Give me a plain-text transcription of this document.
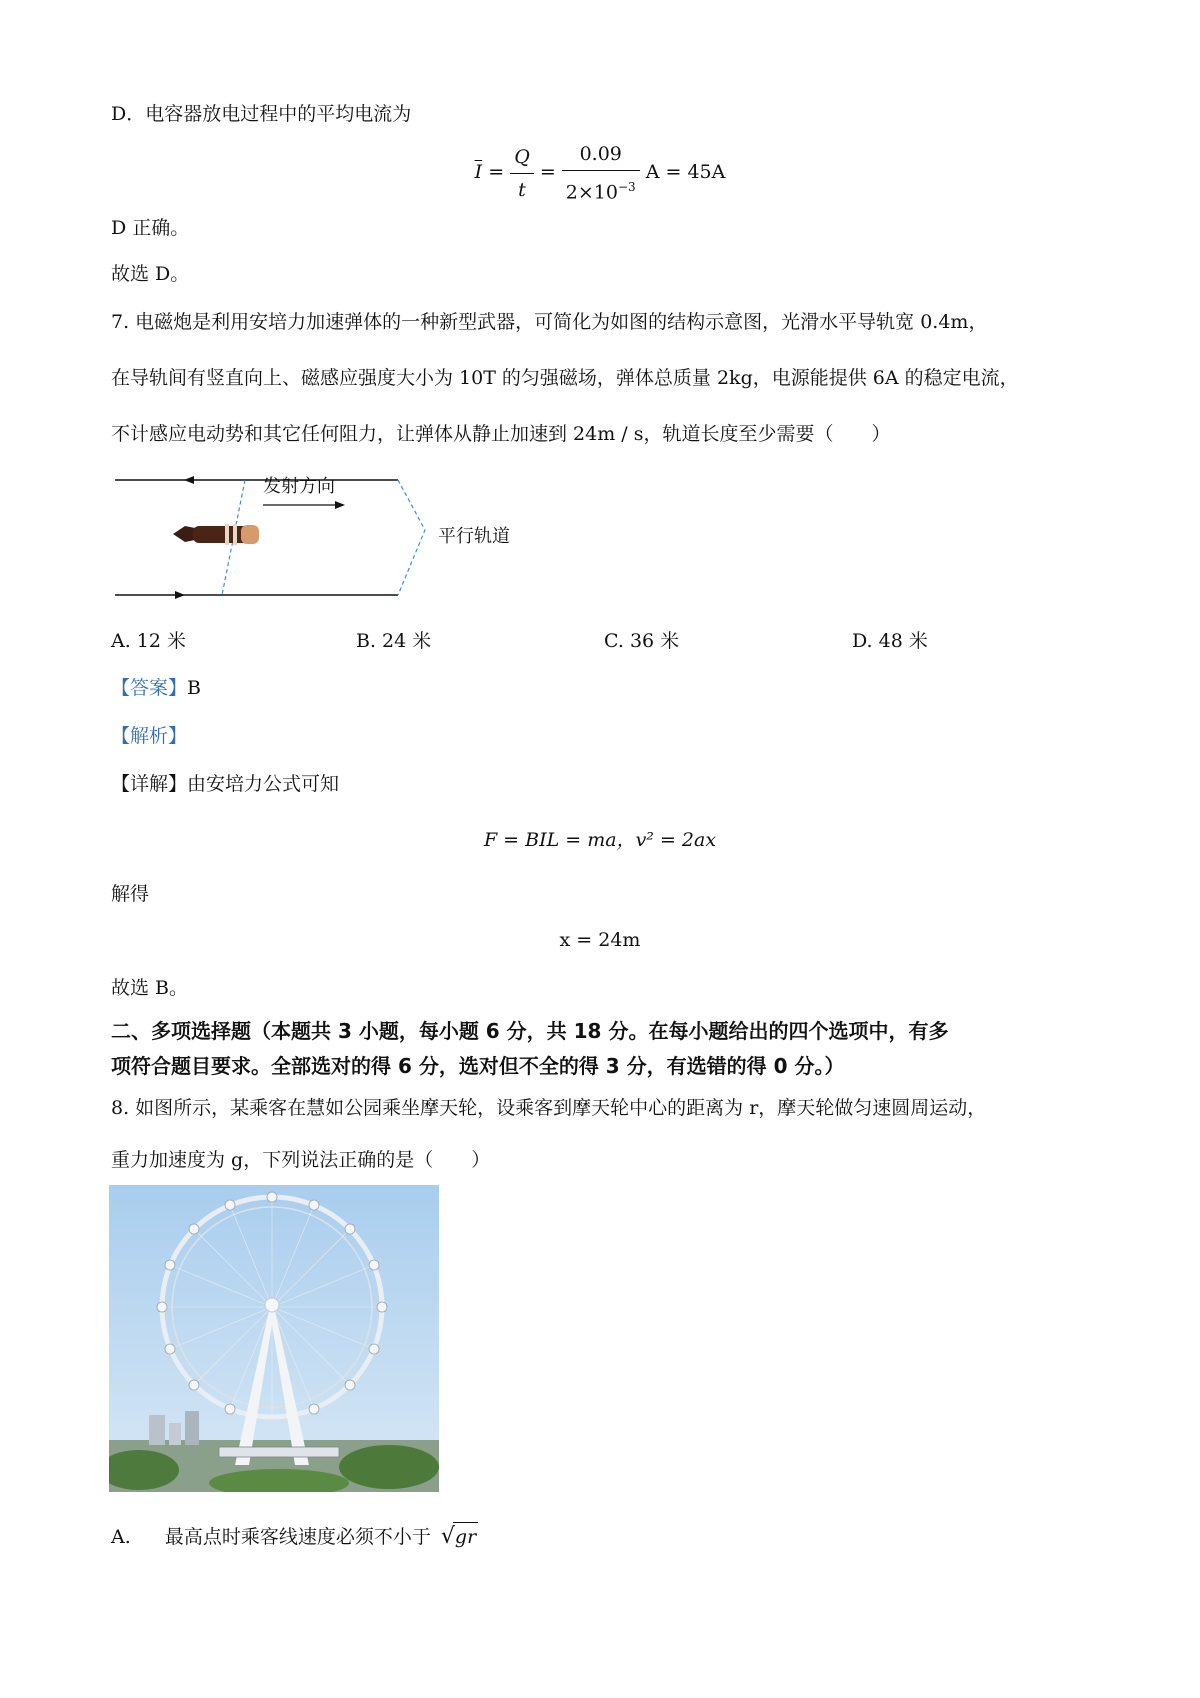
D．电容器放电过程中的平均电流为
$\overline{I} = \frac{Q}{t} = \frac{0.09}{2\times 10^{-3}}$ A = 45A
D 正确。
故选 D。
7. 电磁炮是利用安培力加速弹体的一种新型武器，可简化为如图的结构示意图，光滑水平导轨宽 0.4m，
在导轨间有竖直向上、磁感应强度大小为 10T 的匀强磁场，弹体总质量 2kg，电源能提供 6A 的稳定电流，
不计感应电动势和其它任何阻力，让弹体从静止加速到 24m / s，轨道长度至少需要（　　）
发射方向
平行轨道
A. 12 米	B. 24 米	C. 36 米	D. 48 米
【答案】B
【解析】
【详解】由安培力公式可知
F = BIL = ma，v² = 2ax
解得
x = 24m
故选 B。
二、多项选择题（本题共 3 小题，每小题 6 分，共 18 分。在每小题给出的四个选项中，有多
项符合题目要求。全部选对的得 6 分，选对但不全的得 3 分，有选错的得 0 分。）
8. 如图所示，某乘客在慧如公园乘坐摩天轮，设乘客到摩天轮中心的距离为 r，摩天轮做匀速圆周运动，
重力加速度为 g，下列说法正确的是（　　）
A. 最高点时乘客线速度必须不小于 √gr
